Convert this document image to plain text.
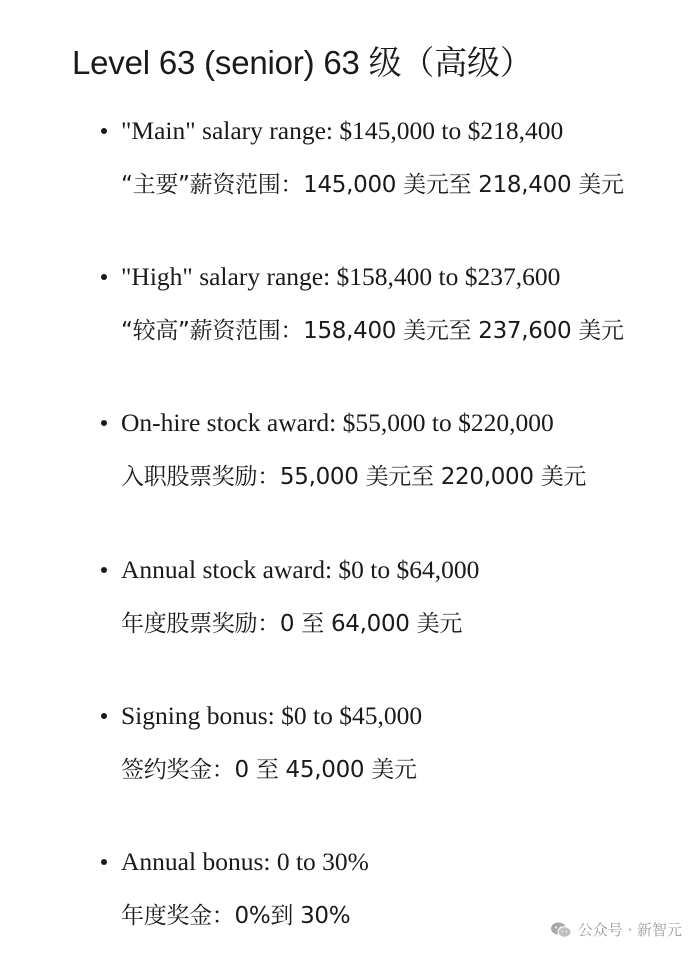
Level 63 (senior) 63 级（高级）
"Main" salary range: $145,000 to $218,400
“主要”薪资范围：145,000 美元至 218,400 美元
"High" salary range: $158,400 to $237,600
“较高”薪资范围：158,400 美元至 237,600 美元
On-hire stock award: $55,000 to $220,000
入职股票奖励：55,000 美元至 220,000 美元
Annual stock award: $0 to $64,000
年度股票奖励：0 至 64,000 美元
Signing bonus: $0 to $45,000
签约奖金：0 至 45,000 美元
Annual bonus: 0 to 30%
年度奖金：0%到 30%
公众号 · 新智元
